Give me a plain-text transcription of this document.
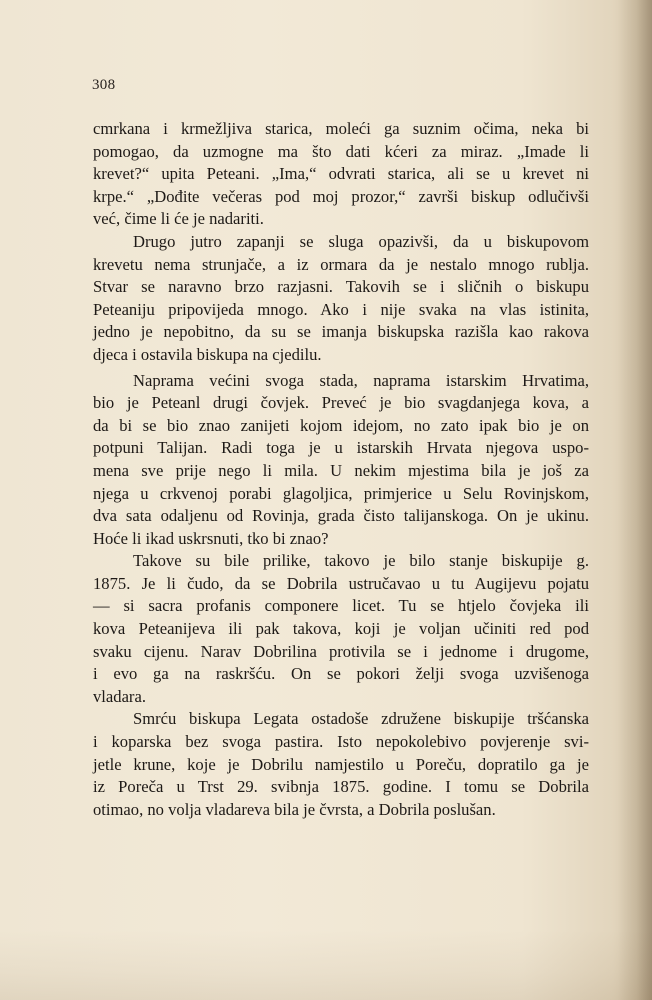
308
cmrkana i krmežljiva starica, moleći ga suznim očima, neka bi
pomogao, da uzmogne ma što dati kćeri za miraz. „Imade li
krevet?“ upita Peteani. „Ima,“ odvrati starica, ali se u krevet ni
krpe.“ „Dođite večeras pod moj prozor,“ završi biskup odlučivši
već, čime li će je nadariti.
Drugo jutro zapanji se sluga opazivši, da u biskupovom
krevetu nema strunjače, a iz ormara da je nestalo mnogo rublja.
Stvar se naravno brzo razjasni. Takovih se i sličnih o biskupu
Peteaniju pripovijeda mnogo. Ako i nije svaka na vlas istinita,
jedno je nepobitno, da su se imanja biskupska razišla kao rakova
djeca i ostavila biskupa na cjedilu.
Naprama većini svoga stada, naprama istarskim Hrvatima,
bio je Peteanl drugi čovjek. Preveć je bio svagdanjega kova, a
da bi se bio znao zanijeti kojom idejom, no zato ipak bio je on
potpuni Talijan. Radi toga je u istarskih Hrvata njegova uspo-
mena sve prije nego li mila. U nekim mjestima bila je još za
njega u crkvenoj porabi glagoljica, primjerice u Selu Rovinjskom,
dva sata odaljenu od Rovinja, grada čisto talijanskoga. On je ukinu.
Hoće li ikad uskrsnuti, tko bi znao?
Takove su bile prilike, takovo je bilo stanje biskupije g.
1875. Je li čudo, da se Dobrila ustručavao u tu Augijevu pojatu
— si sacra profanis componere licet. Tu se htjelo čovjeka ili
kova Peteanijeva ili pak takova, koji je voljan učiniti red pod
svaku cijenu. Narav Dobrilina protivila se i jednome i drugome,
i evo ga na raskršću. On se pokori želji svoga uzvišenoga
vladara.
Smrću biskupa Legata ostadoše združene biskupije tršćanska
i koparska bez svoga pastira. Isto nepokolebivo povjerenje svi-
jetle krune, koje je Dobrilu namjestilo u Poreču, dopratilo ga je
iz Poreča u Trst 29. svibnja 1875. godine. I tomu se Dobrila
otimao, no volja vladareva bila je čvrsta, a Dobrila poslušan.
